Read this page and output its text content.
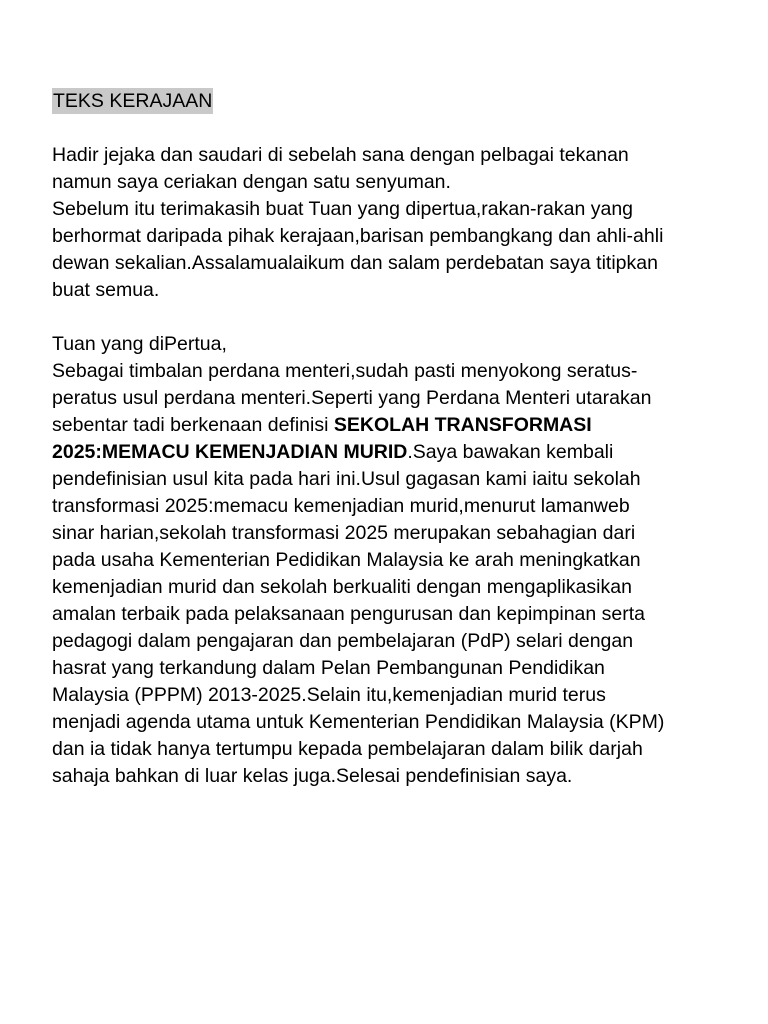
TEKS KERAJAAN

Hadir jejaka dan saudari di sebelah sana dengan pelbagai tekanan
namun saya ceriakan dengan satu senyuman.
Sebelum itu terimakasih buat Tuan yang dipertua,rakan-rakan yang
berhormat daripada pihak kerajaan,barisan pembangkang dan ahli-ahli
dewan sekalian.Assalamualaikum dan salam perdebatan saya titipkan
buat semua.

Tuan yang diPertua,
Sebagai timbalan perdana menteri,sudah pasti menyokong seratus-
peratus usul perdana menteri.Seperti yang Perdana Menteri utarakan
sebentar tadi berkenaan definisi SEKOLAH TRANSFORMASI
2025:MEMACU KEMENJADIAN MURID.Saya bawakan kembali
pendefinisian usul kita pada hari ini.Usul gagasan kami iaitu sekolah
transformasi 2025:memacu kemenjadian murid,menurut lamanweb
sinar harian,sekolah transformasi 2025 merupakan sebahagian dari
pada usaha Kementerian Pedidikan Malaysia ke arah meningkatkan
kemenjadian murid dan sekolah berkualiti dengan mengaplikasikan
amalan terbaik pada pelaksanaan pengurusan dan kepimpinan serta
pedagogi dalam pengajaran dan pembelajaran (PdP) selari dengan
hasrat yang terkandung dalam Pelan Pembangunan Pendidikan
Malaysia (PPPM) 2013-2025.Selain itu,kemenjadian murid terus
menjadi agenda utama untuk Kementerian Pendidikan Malaysia (KPM)
dan ia tidak hanya tertumpu kepada pembelajaran dalam bilik darjah
sahaja bahkan di luar kelas juga.Selesai pendefinisian saya.
